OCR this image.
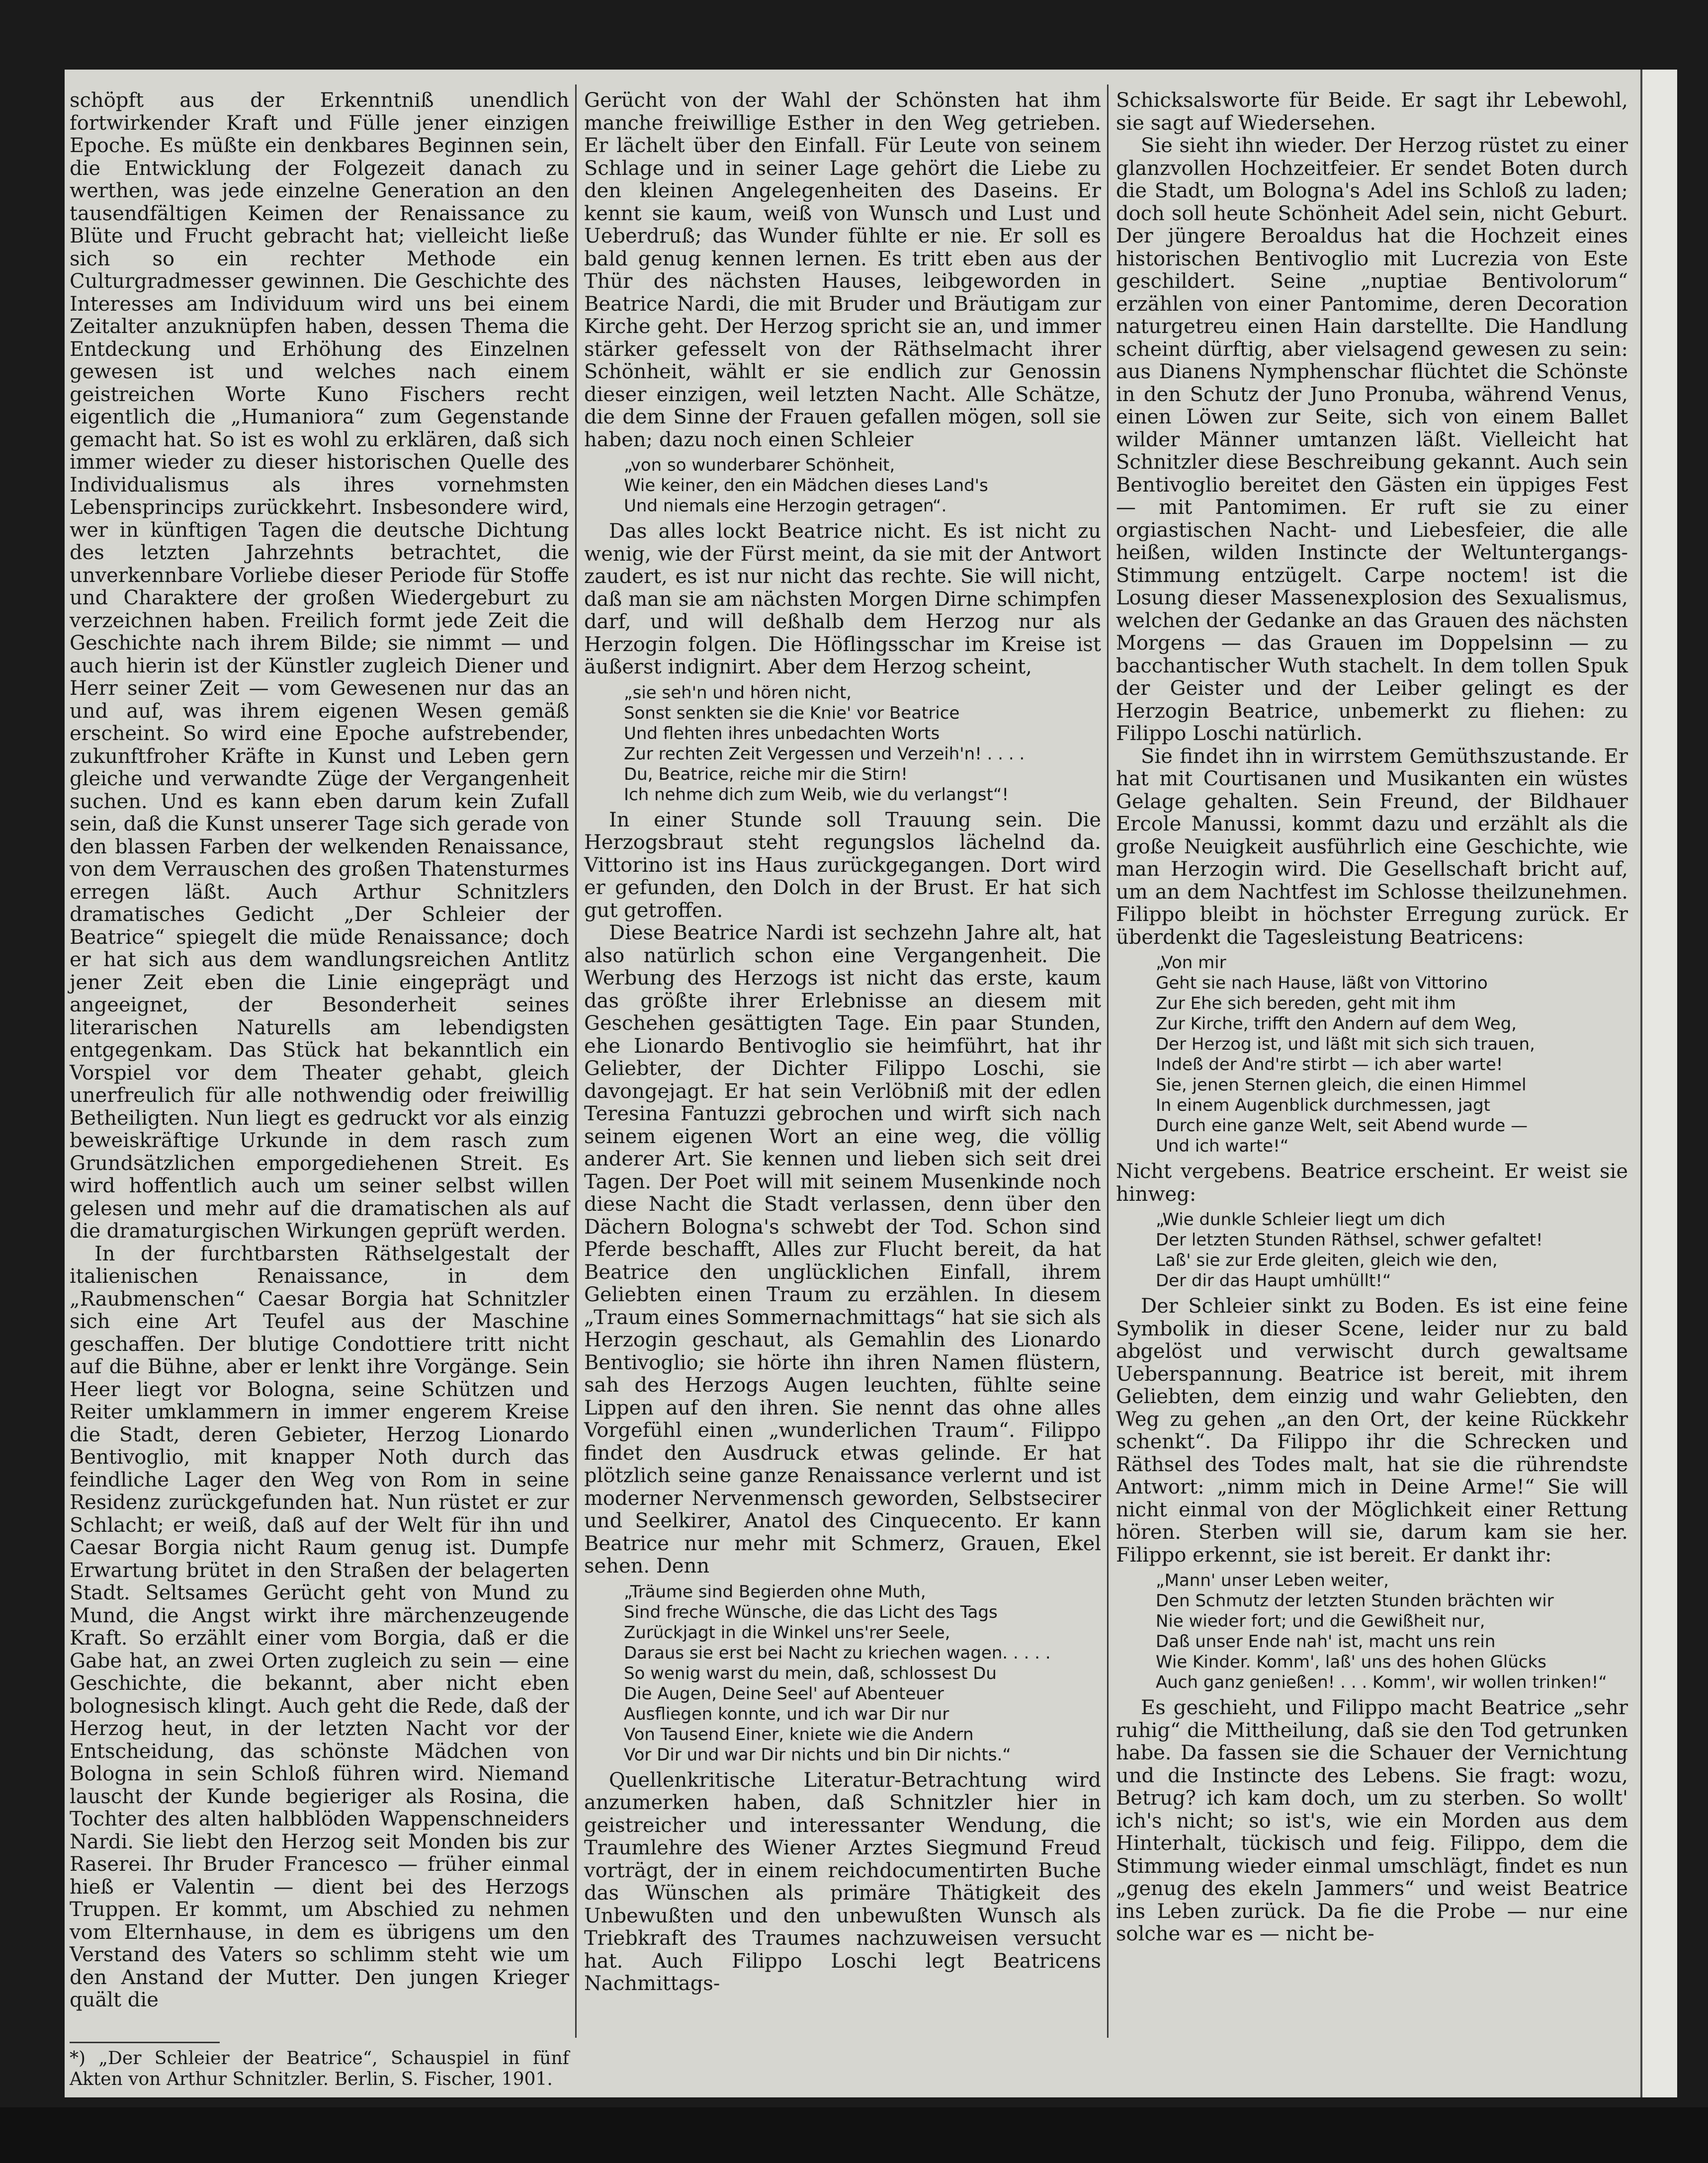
schöpft aus der Erkenntniß unendlich fortwirkender Kraft und Fülle jener einzigen Epoche. Es müßte ein denkbares Beginnen sein, die Entwicklung der Folgezeit danach zu werthen, was jede einzelne Generation an den tausendfältigen Keimen der Renaissance zu Blüte und Frucht gebracht hat; vielleicht ließe sich so ein rechter Methode ein Culturgradmesser gewinnen. Die Geschichte des Interesses am Individuum wird uns bei einem Zeitalter anzuknüpfen haben, dessen Thema die Entdeckung und Erhöhung des Einzelnen gewesen ist und welches nach einem geistreichen Worte Kuno Fischers recht eigentlich die „Humaniora“ zum Gegenstande gemacht hat. So ist es wohl zu erklären, daß sich immer wieder zu dieser historischen Quelle des Individualismus als ihres vornehmsten Lebensprincips zurückkehrt. Insbesondere wird, wer in künftigen Tagen die deutsche Dichtung des letzten Jahrzehnts betrachtet, die unverkennbare Vorliebe dieser Periode für Stoffe und Charaktere der großen Wiedergeburt zu verzeichnen haben. Freilich formt jede Zeit die Geschichte nach ihrem Bilde; sie nimmt — und auch hierin ist der Künstler zugleich Diener und Herr seiner Zeit — vom Gewesenen nur das an und auf, was ihrem eigenen Wesen gemäß erscheint. So wird eine Epoche aufstrebender, zukunftfroher Kräfte in Kunst und Leben gern gleiche und verwandte Züge der Vergangenheit suchen. Und es kann eben darum kein Zufall sein, daß die Kunst unserer Tage sich gerade von den blassen Farben der welkenden Renaissance, von dem Verrauschen des großen Thatensturmes erregen läßt. Auch Arthur Schnitzlers dramatisches Gedicht „Der Schleier der Beatrice“ spiegelt die müde Renaissance; doch er hat sich aus dem wandlungsreichen Antlitz jener Zeit eben die Linie eingeprägt und angeeignet, der Besonderheit seines literarischen Naturells am lebendigsten entgegenkam. Das Stück hat bekanntlich ein Vorspiel vor dem Theater gehabt, gleich unerfreulich für alle nothwendig oder freiwillig Betheiligten. Nun liegt es gedruckt vor als einzig beweiskräftige Urkunde in dem rasch zum Grundsätzlichen emporgediehenen Streit. Es wird hoffentlich auch um seiner selbst willen gelesen und mehr auf die dramatischen als auf die dramaturgischen Wirkungen geprüft werden.

In der furchtbarsten Räthselgestalt der italienischen Renaissance, in dem „Raubmenschen“ Caesar Borgia hat Schnitzler sich eine Art Teufel aus der Maschine geschaffen. Der blutige Condottiere tritt nicht auf die Bühne, aber er lenkt ihre Vorgänge. Sein Heer liegt vor Bologna, seine Schützen und Reiter umklammern in immer engerem Kreise die Stadt, deren Gebieter, Herzog Lionardo Bentivoglio, mit knapper Noth durch das feindliche Lager den Weg von Rom in seine Residenz zurückgefunden hat. Nun rüstet er zur Schlacht; er weiß, daß auf der Welt für ihn und Caesar Borgia nicht Raum genug ist. Dumpfe Erwartung brütet in den Straßen der belagerten Stadt. Seltsames Gerücht geht von Mund zu Mund, die Angst wirkt ihre märchenzeugende Kraft. So erzählt einer vom Borgia, daß er die Gabe hat, an zwei Orten zugleich zu sein — eine Geschichte, die bekannt, aber nicht eben bolognesisch klingt. Auch geht die Rede, daß der Herzog heut, in der letzten Nacht vor der Entscheidung, das schönste Mädchen von Bologna in sein Schloß führen wird. Niemand lauscht der Kunde begieriger als Rosina, die Tochter des alten halbblöden Wappenschneiders Nardi. Sie liebt den Herzog seit Monden bis zur Raserei. Ihr Bruder Francesco — früher einmal hieß er Valentin — dient bei des Herzogs Truppen. Er kommt, um Abschied zu nehmen vom Elternhause, in dem es übrigens um den Verstand des Vaters so schlimm steht wie um den Anstand der Mutter. Den jungen Krieger quält die

*) „Der Schleier der Beatrice“, Schauspiel in fünf Akten von Arthur Schnitzler. Berlin, S. Fischer, 1901.

Gerücht von der Wahl der Schönsten hat ihm manche freiwillige Esther in den Weg getrieben. Er lächelt über den Einfall. Für Leute von seinem Schlage und in seiner Lage gehört die Liebe zu den kleinen Angelegenheiten des Daseins. Er kennt sie kaum, weiß von Wunsch und Lust und Ueberdruß; das Wunder fühlte er nie. Er soll es bald genug kennen lernen. Es tritt eben aus der Thür des nächsten Hauses, leibgeworden in Beatrice Nardi, die mit Bruder und Bräutigam zur Kirche geht. Der Herzog spricht sie an, und immer stärker gefesselt von der Räthselmacht ihrer Schönheit, wählt er sie endlich zur Genossin dieser einzigen, weil letzten Nacht. Alle Schätze, die dem Sinne der Frauen gefallen mögen, soll sie haben; dazu noch einen Schleier

„von so wunderbarer Schönheit,
Wie keiner, den ein Mädchen dieses Land's
Und niemals eine Herzogin getragen“.

Das alles lockt Beatrice nicht. Es ist nicht zu wenig, wie der Fürst meint, da sie mit der Antwort zaudert, es ist nur nicht das rechte. Sie will nicht, daß man sie am nächsten Morgen Dirne schimpfen darf, und will deßhalb dem Herzog nur als Herzogin folgen. Die Höflingsschar im Kreise ist äußerst indignirt. Aber dem Herzog scheint,

„sie seh'n und hören nicht,
Sonst senkten sie die Knie' vor Beatrice
Und flehten ihres unbedachten Worts
Zur rechten Zeit Vergessen und Verzeih'n! . . . .
Du, Beatrice, reiche mir die Stirn!
Ich nehme dich zum Weib, wie du verlangst“!

In einer Stunde soll Trauung sein. Die Herzogsbraut steht regungslos lächelnd da. Vittorino ist ins Haus zurückgegangen. Dort wird er gefunden, den Dolch in der Brust. Er hat sich gut getroffen.

Diese Beatrice Nardi ist sechzehn Jahre alt, hat also natürlich schon eine Vergangenheit. Die Werbung des Herzogs ist nicht das erste, kaum das größte ihrer Erlebnisse an diesem mit Geschehen gesättigten Tage. Ein paar Stunden, ehe Lionardo Bentivoglio sie heimführt, hat ihr Geliebter, der Dichter Filippo Loschi, sie davongejagt. Er hat sein Verlöbniß mit der edlen Teresina Fantuzzi gebrochen und wirft sich nach seinem eigenen Wort an eine weg, die völlig anderer Art. Sie kennen und lieben sich seit drei Tagen. Der Poet will mit seinem Musenkinde noch diese Nacht die Stadt verlassen, denn über den Dächern Bologna's schwebt der Tod. Schon sind Pferde beschafft, Alles zur Flucht bereit, da hat Beatrice den unglücklichen Einfall, ihrem Geliebten einen Traum zu erzählen. In diesem „Traum eines Sommernachmittags“ hat sie sich als Herzogin geschaut, als Gemahlin des Lionardo Bentivoglio; sie hörte ihn ihren Namen flüstern, sah des Herzogs Augen leuchten, fühlte seine Lippen auf den ihren. Sie nennt das ohne alles Vorgefühl einen „wunderlichen Traum“. Filippo findet den Ausdruck etwas gelinde. Er hat plötzlich seine ganze Renaissance verlernt und ist moderner Nervenmensch geworden, Selbstsecirer und Seelkirer, Anatol des Cinquecento. Er kann Beatrice nur mehr mit Schmerz, Grauen, Ekel sehen. Denn

„Träume sind Begierden ohne Muth,
Sind freche Wünsche, die das Licht des Tags
Zurückjagt in die Winkel uns'rer Seele,
Daraus sie erst bei Nacht zu kriechen wagen. . . . .
So wenig warst du mein, daß, schlossest Du
Die Augen, Deine Seel' auf Abenteuer
Ausfliegen konnte, und ich war Dir nur
Von Tausend Einer, kniete wie die Andern
Vor Dir und war Dir nichts und bin Dir nichts.“

Quellenkritische Literatur-Betrachtung wird anzumerken haben, daß Schnitzler hier in geistreicher und interessanter Wendung, die Traumlehre des Wiener Arztes Siegmund Freud vorträgt, der in einem reichdocumentirten Buche das Wünschen als primäre Thätigkeit des Unbewußten und den unbewußten Wunsch als Triebkraft des Traumes nachzuweisen versucht hat. Auch Filippo Loschi legt Beatricens Nachmittags-

Schicksalsworte für Beide. Er sagt ihr Lebewohl, sie sagt auf Wiedersehen.

Sie sieht ihn wieder. Der Herzog rüstet zu einer glanzvollen Hochzeitfeier. Er sendet Boten durch die Stadt, um Bologna's Adel ins Schloß zu laden; doch soll heute Schönheit Adel sein, nicht Geburt. Der jüngere Beroaldus hat die Hochzeit eines historischen Bentivoglio mit Lucrezia von Este geschildert. Seine „nuptiae Bentivolorum“ erzählen von einer Pantomime, deren Decoration naturgetreu einen Hain darstellte. Die Handlung scheint dürftig, aber vielsagend gewesen zu sein: aus Dianens Nymphenschar flüchtet die Schönste in den Schutz der Juno Pronuba, während Venus, einen Löwen zur Seite, sich von einem Ballet wilder Männer umtanzen läßt. Vielleicht hat Schnitzler diese Beschreibung gekannt. Auch sein Bentivoglio bereitet den Gästen ein üppiges Fest — mit Pantomimen. Er ruft sie zu einer orgiastischen Nacht- und Liebesfeier, die alle heißen, wilden Instincte der Weltuntergangs-Stimmung entzügelt. Carpe noctem! ist die Losung dieser Massenexplosion des Sexualismus, welchen der Gedanke an das Grauen des nächsten Morgens — das Grauen im Doppelsinn — zu bacchantischer Wuth stachelt. In dem tollen Spuk der Geister und der Leiber gelingt es der Herzogin Beatrice, unbemerkt zu fliehen: zu Filippo Loschi natürlich.

Sie findet ihn in wirrstem Gemüthszustande. Er hat mit Courtisanen und Musikanten ein wüstes Gelage gehalten. Sein Freund, der Bildhauer Ercole Manussi, kommt dazu und erzählt als die große Neuigkeit ausführlich eine Geschichte, wie man Herzogin wird. Die Gesellschaft bricht auf, um an dem Nachtfest im Schlosse theilzunehmen. Filippo bleibt in höchster Erregung zurück. Er überdenkt die Tagesleistung Beatricens:

„Von mir
Geht sie nach Hause, läßt von Vittorino
Zur Ehe sich bereden, geht mit ihm
Zur Kirche, trifft den Andern auf dem Weg,
Der Herzog ist, und läßt mit sich sich trauen,
Indeß der And're stirbt — ich aber warte!
Sie, jenen Sternen gleich, die einen Himmel
In einem Augenblick durchmessen, jagt
Durch eine ganze Welt, seit Abend wurde —
Und ich warte!“

Nicht vergebens. Beatrice erscheint. Er weist sie hinweg:

„Wie dunkle Schleier liegt um dich
Der letzten Stunden Räthsel, schwer gefaltet!
Laß' sie zur Erde gleiten, gleich wie den,
Der dir das Haupt umhüllt!“

Der Schleier sinkt zu Boden. Es ist eine feine Symbolik in dieser Scene, leider nur zu bald abgelöst und verwischt durch gewaltsame Ueberspannung. Beatrice ist bereit, mit ihrem Geliebten, dem einzig und wahr Geliebten, den Weg zu gehen „an den Ort, der keine Rückkehr schenkt“. Da Filippo ihr die Schrecken und Räthsel des Todes malt, hat sie die rührendste Antwort: „nimm mich in Deine Arme!“ Sie will nicht einmal von der Möglichkeit einer Rettung hören. Sterben will sie, darum kam sie her. Filippo erkennt, sie ist bereit. Er dankt ihr:

„Mann' unser Leben weiter,
Den Schmutz der letzten Stunden brächten wir
Nie wieder fort; und die Gewißheit nur,
Daß unser Ende nah' ist, macht uns rein
Wie Kinder. Komm', laß' uns des hohen Glücks
Auch ganz genießen! . . . Komm', wir wollen trinken!“

Es geschieht, und Filippo macht Beatrice „sehr ruhig“ die Mittheilung, daß sie den Tod getrunken habe. Da fassen sie die Schauer der Vernichtung und die Instincte des Lebens. Sie fragt: wozu, Betrug? ich kam doch, um zu sterben. So wollt' ich's nicht; so ist's, wie ein Morden aus dem Hinterhalt, tückisch und feig. Filippo, dem die Stimmung wieder einmal umschlägt, findet es nun „genug des ekeln Jammers“ und weist Beatrice ins Leben zurück. Da fie die Probe — nur eine solche war es — nicht be-
